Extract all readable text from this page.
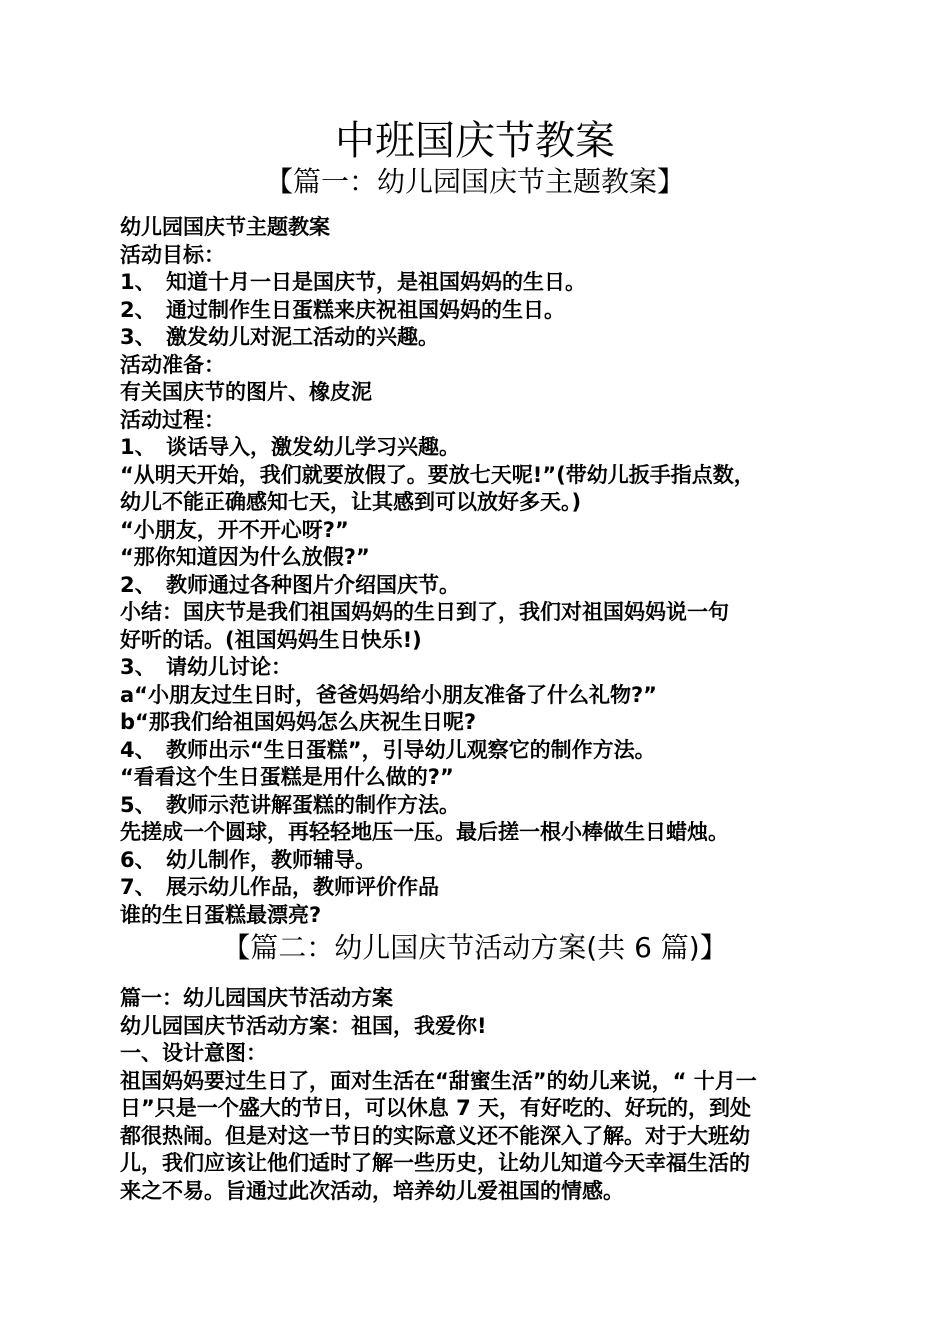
中班国庆节教案
【篇一：幼儿园国庆节主题教案】
幼儿园国庆节主题教案
活动目标：
1、 知道十月一日是国庆节，是祖国妈妈的生日。
2、 通过制作生日蛋糕来庆祝祖国妈妈的生日。
3、 激发幼儿对泥工活动的兴趣。
活动准备：
有关国庆节的图片、橡皮泥
活动过程：
1、 谈话导入，激发幼儿学习兴趣。
“从明天开始，我们就要放假了。要放七天呢!”(带幼儿扳手指点数，
幼儿不能正确感知七天，让其感到可以放好多天。)
“小朋友，开不开心呀?”
“那你知道因为什么放假?”
2、 教师通过各种图片介绍国庆节。
小结：国庆节是我们祖国妈妈的生日到了，我们对祖国妈妈说一句
好听的话。(祖国妈妈生日快乐!)
3、 请幼儿讨论：
a“小朋友过生日时，爸爸妈妈给小朋友准备了什么礼物?”
b“那我们给祖国妈妈怎么庆祝生日呢?
4、 教师出示“生日蛋糕”，引导幼儿观察它的制作方法。
“看看这个生日蛋糕是用什么做的?”
5、 教师示范讲解蛋糕的制作方法。
先搓成一个圆球，再轻轻地压一压。最后搓一根小棒做生日蜡烛。
6、 幼儿制作，教师辅导。
7、 展示幼儿作品，教师评价作品
谁的生日蛋糕最漂亮?
【篇二：幼儿国庆节活动方案(共 6 篇)】
篇一：幼儿园国庆节活动方案
幼儿园国庆节活动方案：祖国，我爱你!
一、设计意图：
祖国妈妈要过生日了，面对生活在“甜蜜生活”的幼儿来说，“ 十月一
日”只是一个盛大的节日，可以休息 7 天，有好吃的、好玩的，到处
都很热闹。但是对这一节日的实际意义还不能深入了解。对于大班幼
儿，我们应该让他们适时了解一些历史，让幼儿知道今天幸福生活的
来之不易。旨通过此次活动，培养幼儿爱祖国的情感。
